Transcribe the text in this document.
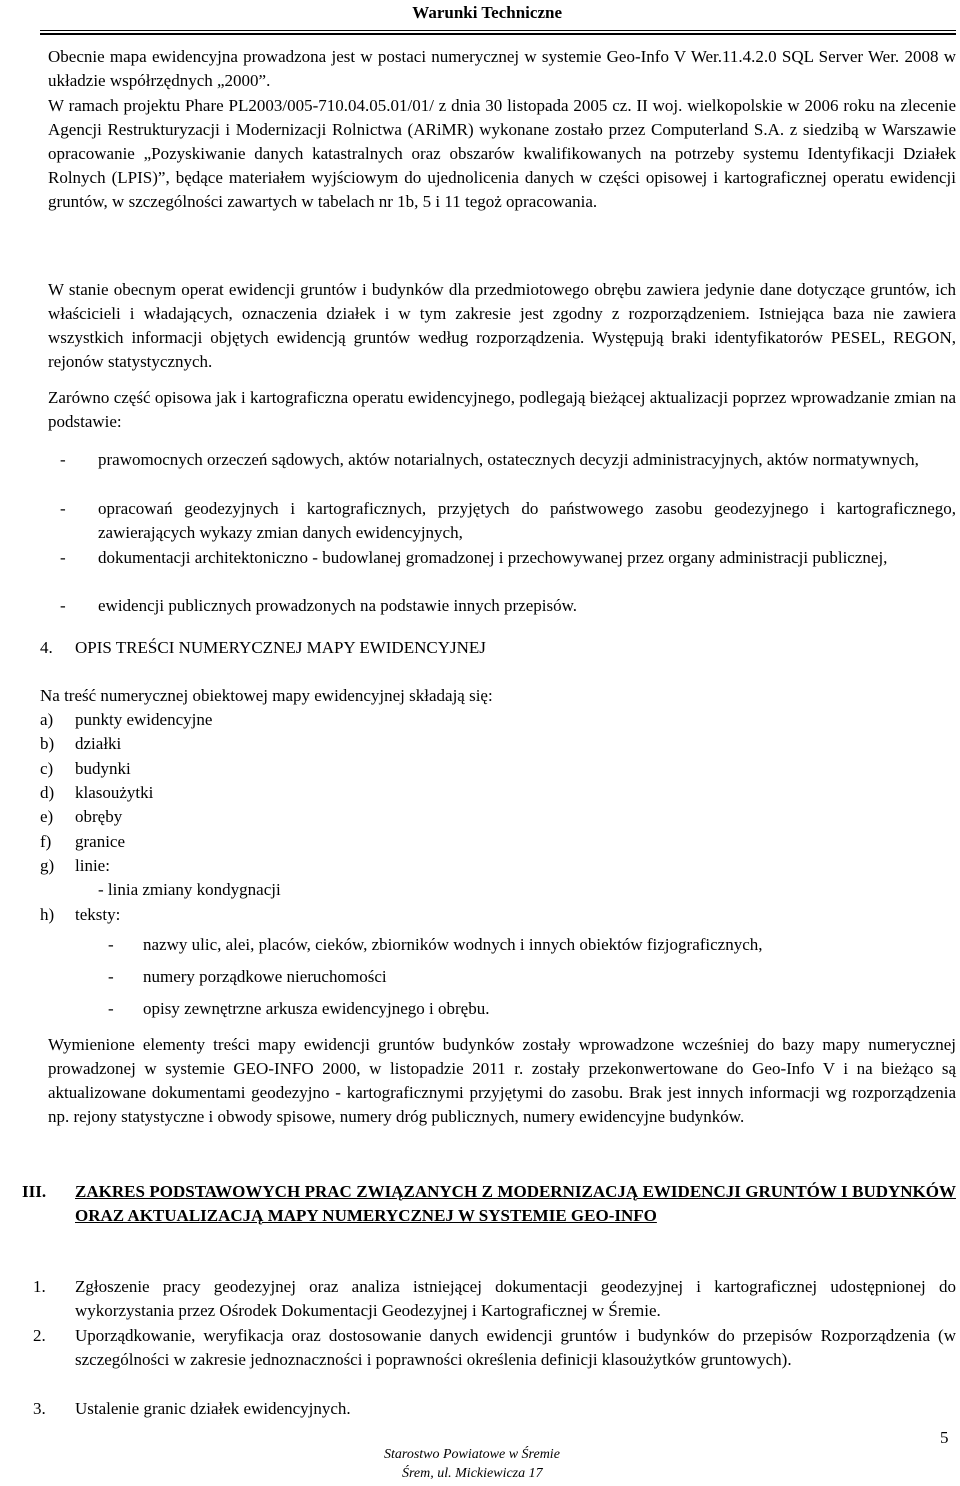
Warunki Techniczne
Obecnie mapa ewidencyjna prowadzona jest w postaci numerycznej w systemie Geo-Info V Wer.11.4.2.0 SQL Server Wer. 2008 w układzie współrzędnych „2000”.
W ramach projektu Phare PL2003/005-710.04.05.01/01/ z dnia 30 listopada 2005 cz. II woj. wielkopolskie w 2006 roku na zlecenie Agencji Restrukturyzacji i Modernizacji Rolnictwa (ARiMR) wykonane zostało przez Computerland S.A. z siedzibą w Warszawie opracowanie „Pozyskiwanie danych katastralnych oraz obszarów kwalifikowanych na potrzeby systemu Identyfikacji Działek Rolnych (LPIS)”, będące materiałem wyjściowym do ujednolicenia danych w części opisowej i kartograficznej operatu ewidencji gruntów, w szczególności zawartych w tabelach nr 1b, 5 i 11 tegoż opracowania.
W stanie obecnym operat ewidencji gruntów i budynków dla przedmiotowego obrębu zawiera jedynie dane dotyczące gruntów, ich właścicieli i władających, oznaczenia działek i w tym zakresie jest zgodny z rozporządzeniem. Istniejąca baza nie zawiera wszystkich informacji objętych ewidencją gruntów według rozporządzenia. Występują braki identyfikatorów PESEL, REGON, rejonów statystycznych.
Zarówno część opisowa jak i kartograficzna operatu ewidencyjnego, podlegają bieżącej aktualizacji poprzez wprowadzanie zmian na podstawie:
- prawomocnych orzeczeń sądowych, aktów notarialnych, ostatecznych decyzji administracyjnych, aktów normatywnych,
- opracowań geodezyjnych i kartograficznych, przyjętych do państwowego zasobu geodezyjnego i kartograficznego, zawierających wykazy zmian danych ewidencyjnych,
- dokumentacji architektoniczno - budowlanej gromadzonej i przechowywanej przez organy administracji publicznej,
- ewidencji publicznych prowadzonych na podstawie innych przepisów.
4. OPIS TREŚCI NUMERYCZNEJ MAPY EWIDENCYJNEJ
Na treść numerycznej obiektowej mapy ewidencyjnej składają się:
a) punkty ewidencyjne
b) działki
c) budynki
d) klasoużytki
e) obręby
f) granice
g) linie:
- linia zmiany kondygnacji
h) teksty:
- nazwy ulic, alei, placów, cieków, zbiorników wodnych i innych obiektów fizjograficznych,
- numery porządkowe nieruchomości
- opisy zewnętrzne arkusza ewidencyjnego i obrębu.
Wymienione elementy treści mapy ewidencji gruntów budynków zostały wprowadzone wcześniej do bazy mapy numerycznej prowadzonej w systemie GEO-INFO 2000, w listopadzie 2011 r. zostały przekonwertowane do Geo-Info V i na bieżąco są aktualizowane dokumentami geodezyjno - kartograficznymi przyjętymi do zasobu. Brak jest innych informacji wg rozporządzenia np. rejony statystyczne i obwody spisowe, numery dróg publicznych, numery ewidencyjne budynków.
III. ZAKRES PODSTAWOWYCH PRAC ZWIĄZANYCH Z MODERNIZACJĄ EWIDENCJI GRUNTÓW I BUDYNKÓW ORAZ AKTUALIZACJĄ MAPY NUMERYCZNEJ W SYSTEMIE GEO-INFO
1. Zgłoszenie pracy geodezyjnej oraz analiza istniejącej dokumentacji geodezyjnej i kartograficznej udostępnionej do wykorzystania przez Ośrodek Dokumentacji Geodezyjnej i Kartograficznej w Śremie.
2. Uporządkowanie, weryfikacja oraz dostosowanie danych ewidencji gruntów i budynków do przepisów Rozporządzenia (w szczególności w zakresie jednoznaczności i poprawności określenia definicji klasoużytków gruntowych).
3. Ustalenie granic działek ewidencyjnych.
Starostwo Powiatowe w Śremie
Śrem, ul. Mickiewicza 17
5
